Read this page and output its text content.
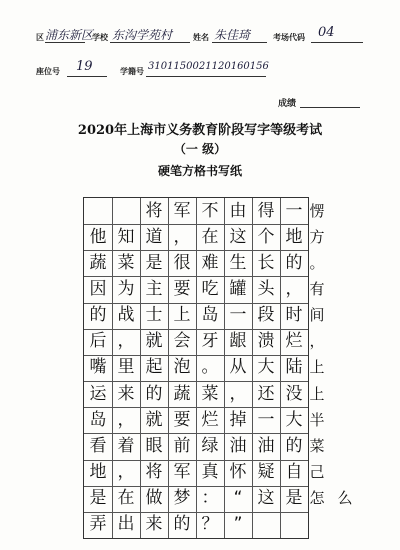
区 浦东新区
学校 东沟学苑村	姓名 朱佳琦	考场代码 04
座位号 19	学籍号 3101150021120160156
成绩
2020年上海市义务教育阶段写字等级考试
（一 级）
硬笔方格书写纸
将 军 不 由 得 一 愣
他 知 道 ， 在 这 个 地 方
蔬 菜 是 很 难 生 长 的 。
因 为 主 要 吃 罐 头 ， 有
的 战 士 上 岛 一 段 时 间
后 ， 就 会 牙 龈 溃 烂 ，
嘴 里 起 泡 。 从 大 陆 上
运 来 的 蔬 菜 ， 还 没 上
岛 ， 就 要 烂 掉 一 大 半
看 着 眼 前 绿 油 油 的 菜
地 ， 将 军 真 怀 疑 自 己
是 在 做 梦 ： “ 这 是 怎 么
弄 出 来 的 ？ ”
